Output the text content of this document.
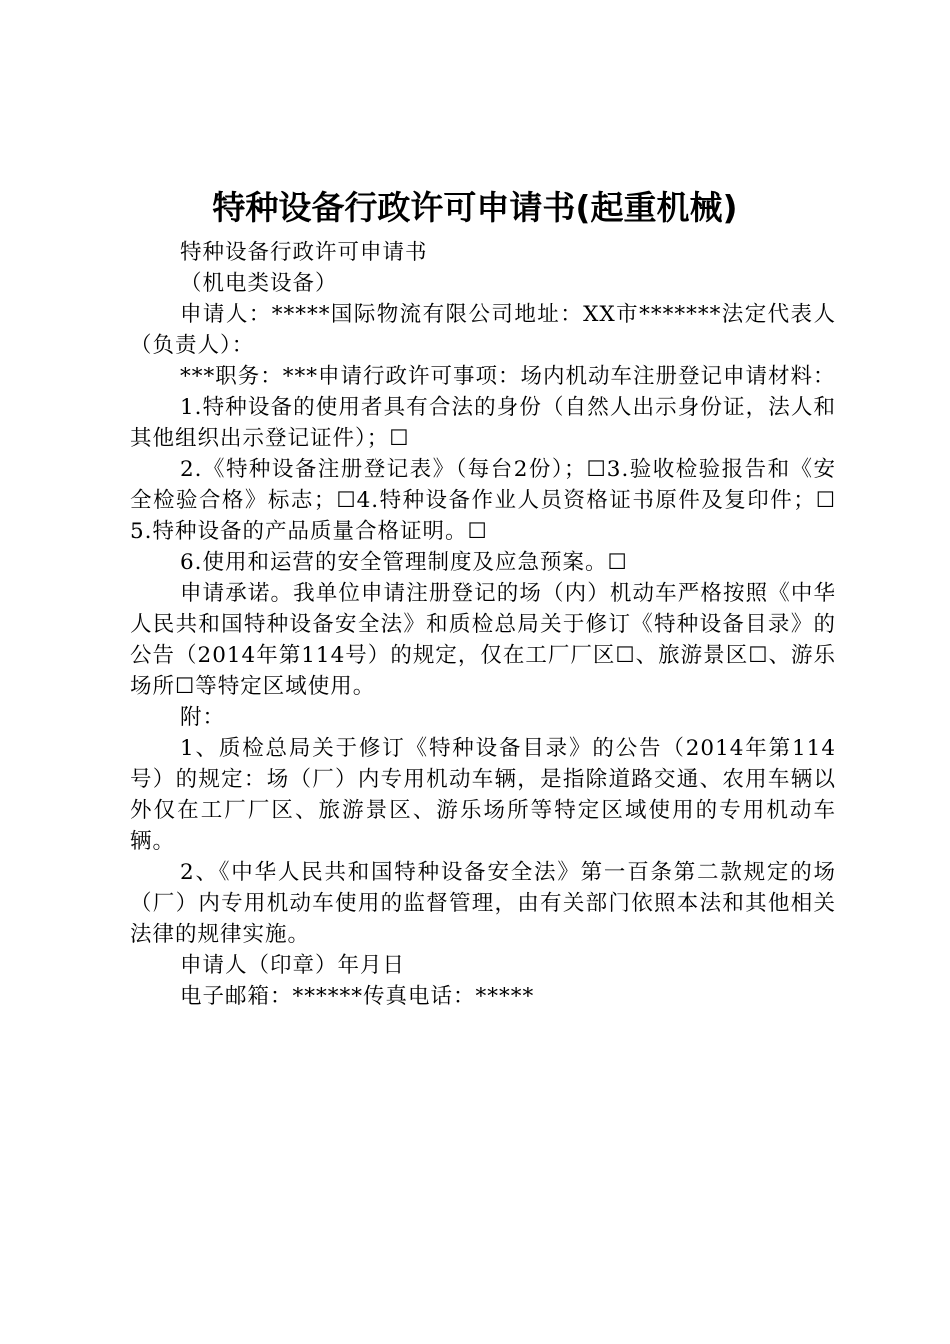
特种设备行政许可申请书(起重机械)

特种设备行政许可申请书

（机电类设备）

申请人：*****国际物流有限公司地址：XX市*******法定代表人（负责人）：

***职务：***申请行政许可事项：场内机动车注册登记申请材料：

1.特种设备的使用者具有合法的身份（自然人出示身份证，法人和其他组织出示登记证件）；☐

2.《特种设备注册登记表》（每台2份）；☐3.验收检验报告和《安全检验合格》标志；☐4.特种设备作业人员资格证书原件及复印件；☐5.特种设备的产品质量合格证明。☐

6.使用和运营的安全管理制度及应急预案。☐

申请承诺。我单位申请注册登记的场（内）机动车严格按照《中华人民共和国特种设备安全法》和质检总局关于修订《特种设备目录》的公告（2014年第114号）的规定，仅在工厂厂区☐、旅游景区☐、游乐场所☐等特定区域使用。

附：

1、质检总局关于修订《特种设备目录》的公告（2014年第114号）的规定：场（厂）内专用机动车辆，是指除道路交通、农用车辆以外仅在工厂厂区、旅游景区、游乐场所等特定区域使用的专用机动车辆。

2、《中华人民共和国特种设备安全法》第一百条第二款规定的场（厂）内专用机动车使用的监督管理，由有关部门依照本法和其他相关法律的规律实施。

申请人（印章）年月日

电子邮箱：******传真电话：*****
